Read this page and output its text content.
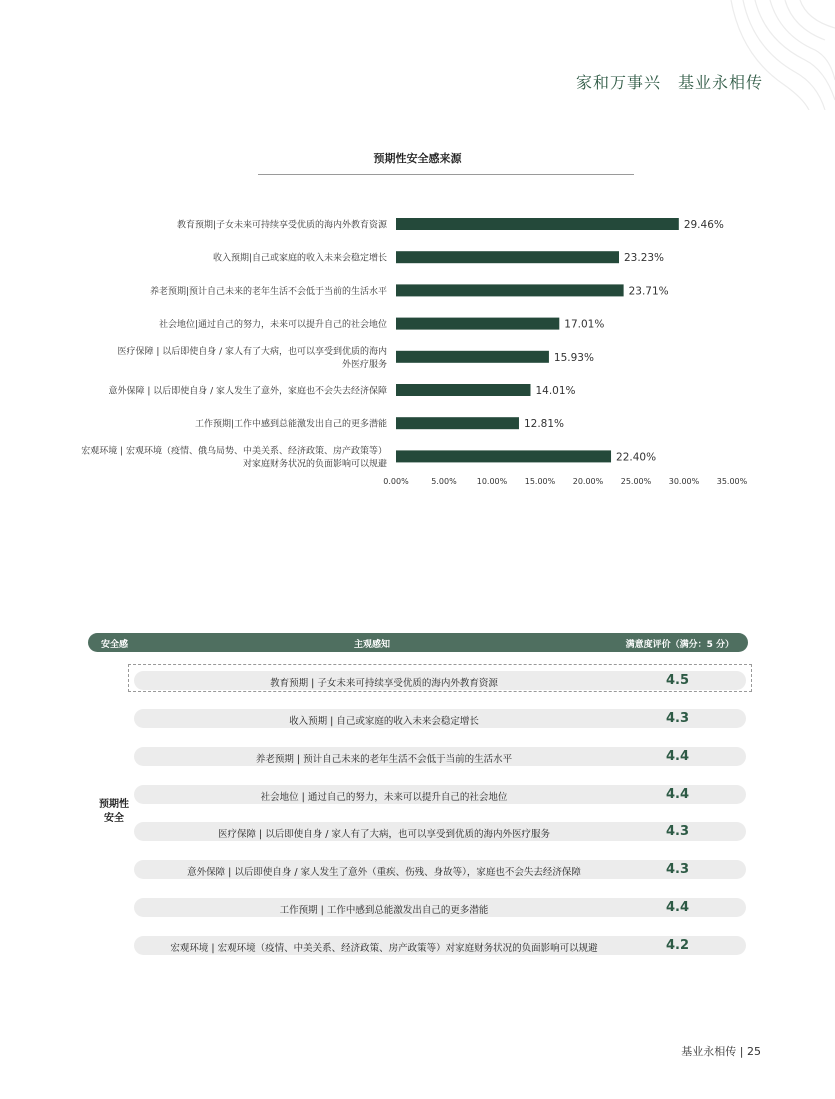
家和万事兴　基业永相传
预期性安全感来源
29.46%
教育预期|子女未来可持续享受优质的海内外教育资源
23.23%
收入预期|自己或家庭的收入未来会稳定增长
23.71%
养老预期|预计自己未来的老年生活不会低于当前的生活水平
17.01%
社会地位|通过自己的努力，未来可以提升自己的社会地位
15.93%
医疗保障 | 以后即使自身 / 家人有了大病，也可以享受到优质的海内
外医疗服务
14.01%
意外保障 | 以后即使自身 / 家人发生了意外，家庭也不会失去经济保障
12.81%
工作预期|工作中感到总能激发出自己的更多潜能
22.40%
宏观环境 | 宏观环境（疫情、俄乌局势、中美关系、经济政策、房产政策等）
对家庭财务状况的负面影响可以规避
0.00%	5.00%	10.00% 15.00% 20.00% 25.00% 30.00% 35.00%
安全感	主观感知	满意度评价（满分：5 分）
预期性
安全
教育预期 | 子女未来可持续享受优质的海内外教育资源	4.5
收入预期 | 自己或家庭的收入未来会稳定增长	4.3
养老预期 | 预计自己未来的老年生活不会低于当前的生活水平	4.4
社会地位 | 通过自己的努力，未来可以提升自己的社会地位	4.4
医疗保障 | 以后即使自身 / 家人有了大病，也可以享受到优质的海内外医疗服务	4.3
意外保障 | 以后即使自身 / 家人发生了意外（重疾、伤残、身故等），家庭也不会失去经济保障	4.3
工作预期 | 工作中感到总能激发出自己的更多潜能	4.4
宏观环境 | 宏观环境（疫情、中美关系、经济政策、房产政策等）对家庭财务状况的负面影响可以规避	4.2
基业永相传 | 25
